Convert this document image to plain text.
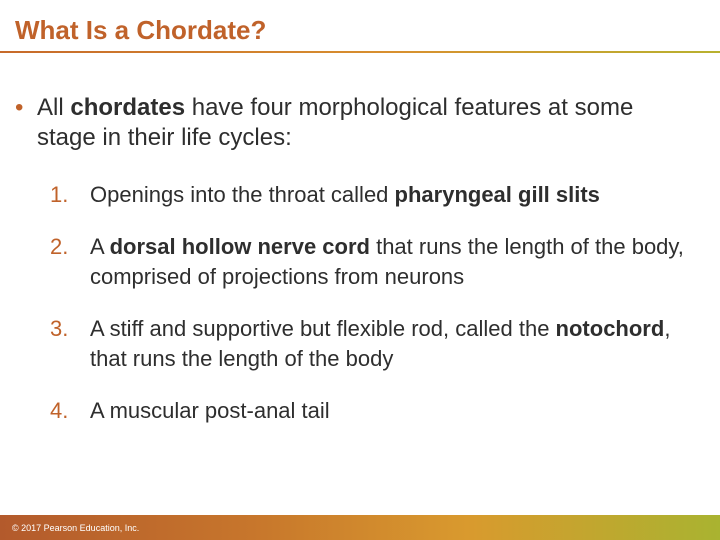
What Is a Chordate?
• All chordates have four morphological features at some stage in their life cycles:
1. Openings into the throat called pharyngeal gill slits
2. A dorsal hollow nerve cord that runs the length of the body, comprised of projections from neurons
3. A stiff and supportive but flexible rod, called the notochord, that runs the length of the body
4. A muscular post-anal tail
© 2017 Pearson Education, Inc.
